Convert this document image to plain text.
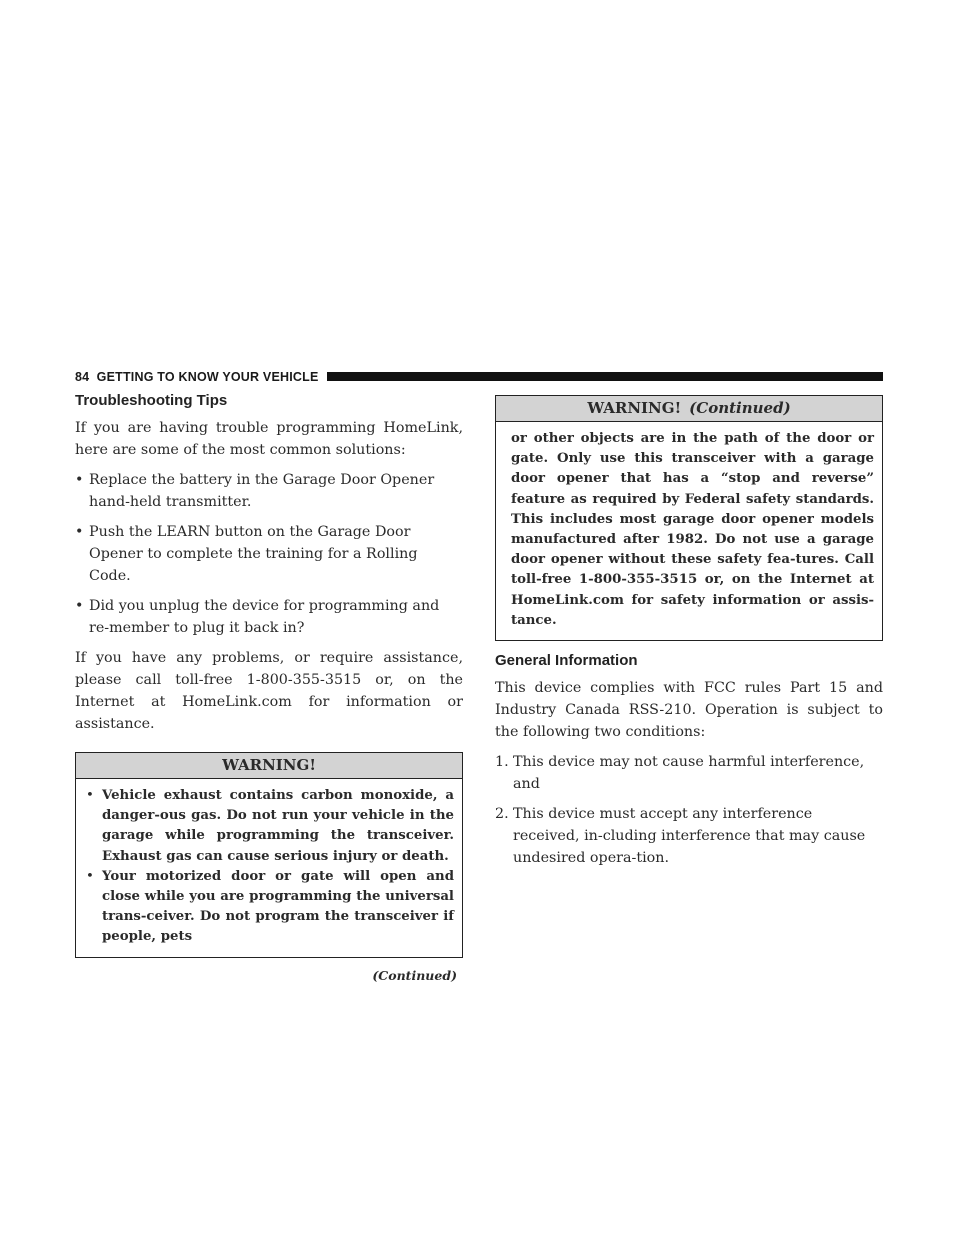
84 GETTING TO KNOW YOUR VEHICLE
Troubleshooting Tips

If you are having trouble programming HomeLink, here are some of the most common solutions:

• Replace the battery in the Garage Door Opener hand-held transmitter.
• Push the LEARN button on the Garage Door Opener to complete the training for a Rolling Code.
• Did you unplug the device for programming and re-member to plug it back in?

If you have any problems, or require assistance, please call toll-free 1-800-355-3515 or, on the Internet at HomeLink.com for information or assistance.

WARNING!
• Vehicle exhaust contains carbon monoxide, a danger-ous gas. Do not run your vehicle in the garage while programming the transceiver. Exhaust gas can cause serious injury or death.
• Your motorized door or gate will open and close while you are programming the universal trans-ceiver. Do not program the transceiver if people, pets
(Continued)
WARNING! (Continued)
or other objects are in the path of the door or gate. Only use this transceiver with a garage door opener that has a “stop and reverse” feature as required by Federal safety standards. This includes most garage door opener models manufactured after 1982. Do not use a garage door opener without these safety fea-tures. Call toll-free 1-800-355-3515 or, on the Internet at HomeLink.com for safety information or assis-tance.
General Information

This device complies with FCC rules Part 15 and Industry Canada RSS-210. Operation is subject to the following two conditions:

1. This device may not cause harmful interference, and
2. This device must accept any interference received, in-cluding interference that may cause undesired opera-tion.
